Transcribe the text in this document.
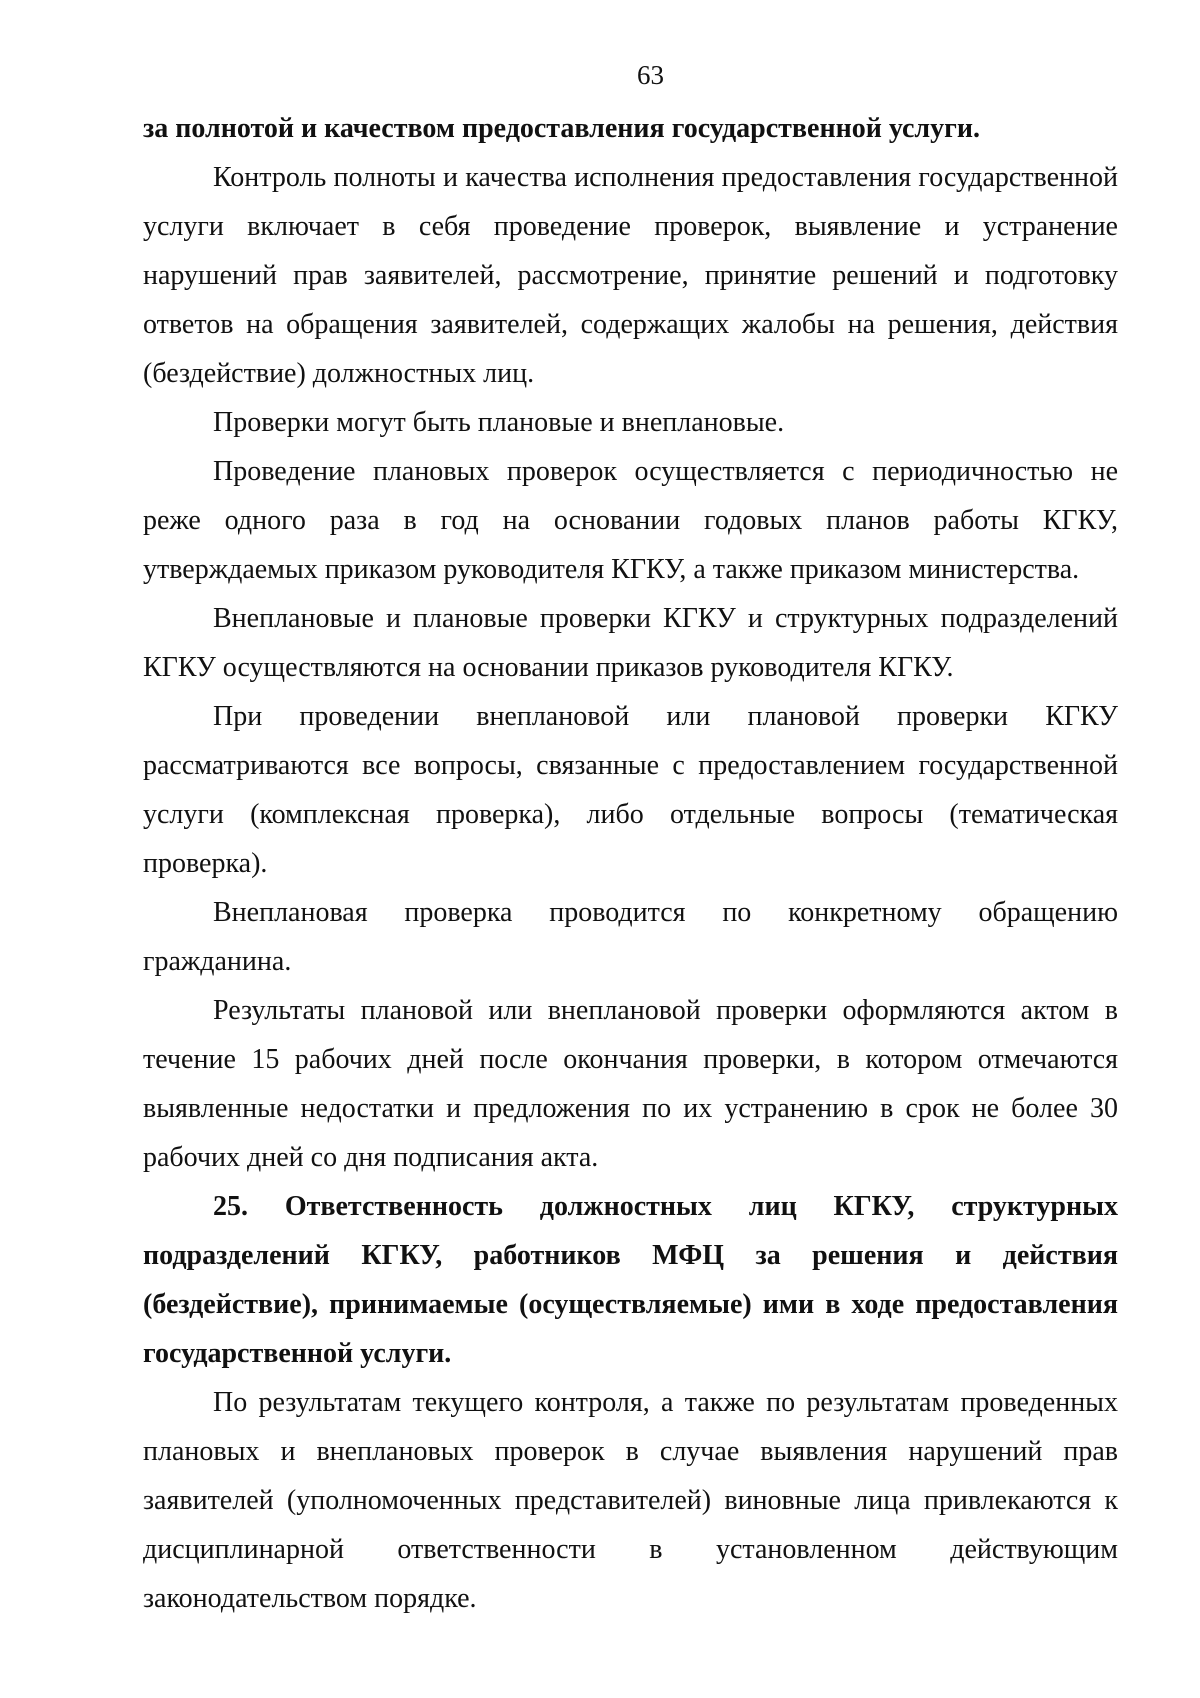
63

за полнотой и качеством предоставления государственной услуги.

Контроль полноты и качества исполнения предоставления государственной услуги включает в себя проведение проверок, выявление и устранение нарушений прав заявителей, рассмотрение, принятие решений и подготовку ответов на обращения заявителей, содержащих жалобы на решения, действия (бездействие) должностных лиц.

Проверки могут быть плановые и внеплановые.

Проведение плановых проверок осуществляется с периодичностью не реже одного раза в год на основании годовых планов работы КГКУ, утверждаемых приказом руководителя КГКУ, а также приказом министерства.

Внеплановые и плановые проверки КГКУ и структурных подразделений КГКУ осуществляются на основании приказов руководителя КГКУ.

При проведении внеплановой или плановой проверки КГКУ рассматриваются все вопросы, связанные с предоставлением государственной услуги (комплексная проверка), либо отдельные вопросы (тематическая проверка).

Внеплановая проверка проводится по конкретному обращению гражданина.

Результаты плановой или внеплановой проверки оформляются актом в течение 15 рабочих дней после окончания проверки, в котором отмечаются выявленные недостатки и предложения по их устранению в срок не более 30 рабочих дней со дня подписания акта.

25. Ответственность должностных лиц КГКУ, структурных подразделений КГКУ, работников МФЦ за решения и действия (бездействие), принимаемые (осуществляемые) ими в ходе предоставления государственной услуги.

По результатам текущего контроля, а также по результатам проведенных плановых и внеплановых проверок в случае выявления нарушений прав заявителей (уполномоченных представителей) виновные лица привлекаются к дисциплинарной ответственности в установленном действующим законодательством порядке.
